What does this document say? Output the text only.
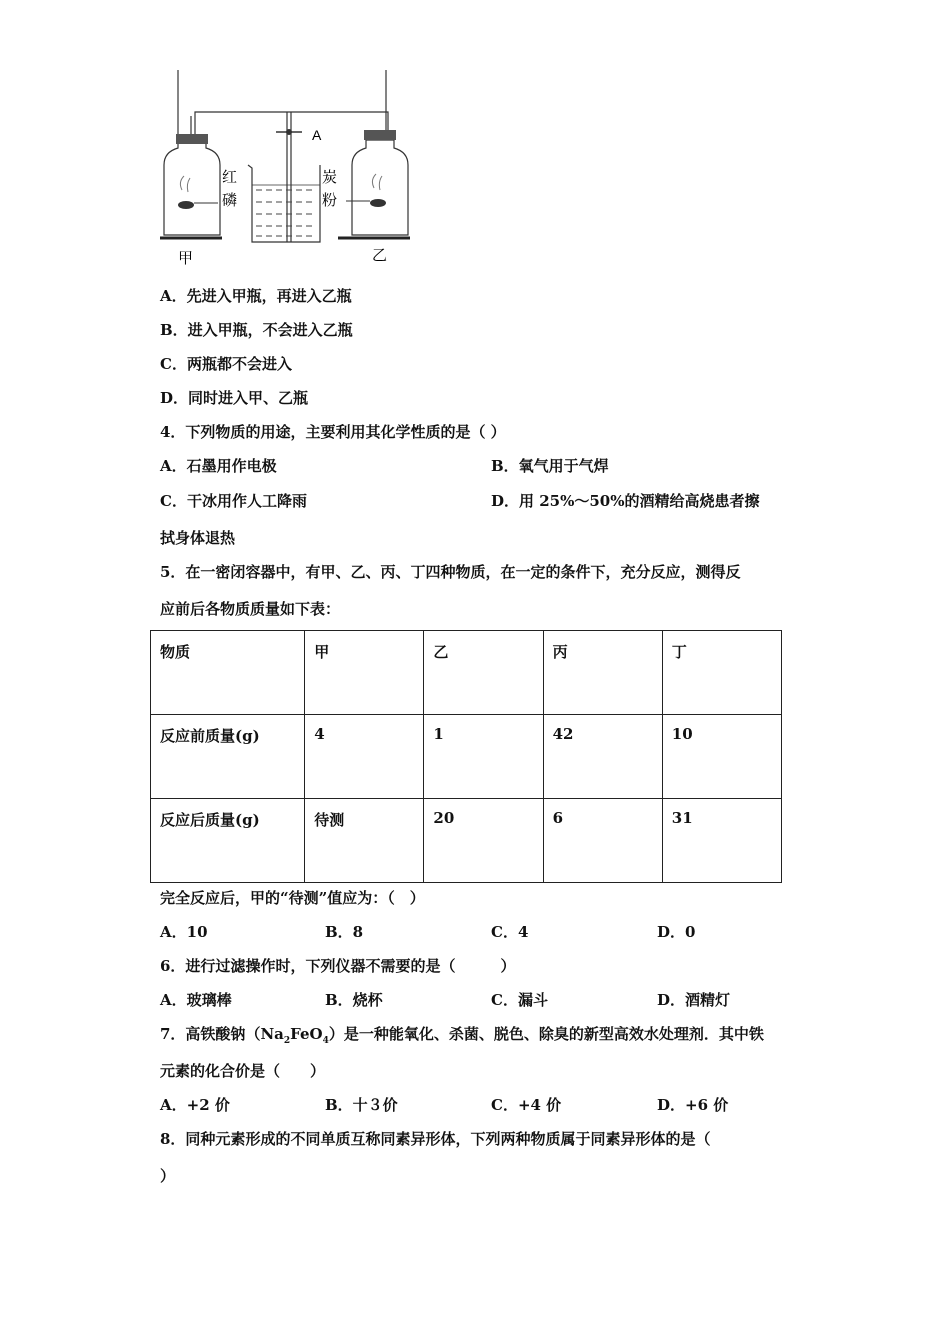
A
红
磷
炭
粉
甲	乙
A．先进入甲瓶，再进入乙瓶
B．进入甲瓶，不会进入乙瓶
C．两瓶都不会进入
D．同时进入甲、乙瓶
4．下列物质的用途，主要利用其化学性质的是（ ）
A．石墨用作电极	B．氧气用于气焊
C．干冰用作人工降雨	D．用 25%～50%的酒精给高烧患者擦
拭身体退热
5．在一密闭容器中，有甲、乙、丙、丁四种物质，在一定的条件下，充分反应，测得反
应前后各物质质量如下表：
物质	甲	乙	丙	丁
反应前质量(g)	4	1	42	10
反应后质量(g)	待测	20	6	31
完全反应后，甲的“待测”值应为：（　）
A．10	B．8	C．4	D．0
6．进行过滤操作时，下列仪器不需要的是（　　　）
A．玻璃棒	B．烧杯	C．漏斗	D．酒精灯
7．高铁酸钠$(Na_2FeO_4)$是一种能氧化、杀菌、脱色、除臭的新型高效水处理剂．其中铁
元素的化合价是（　　）
A．+2 价	B．十３价	C．+4 价	D．+6 价
8．同种元素形成的不同单质互称同素异形体，下列两种物质属于同素异形体的是（
）
